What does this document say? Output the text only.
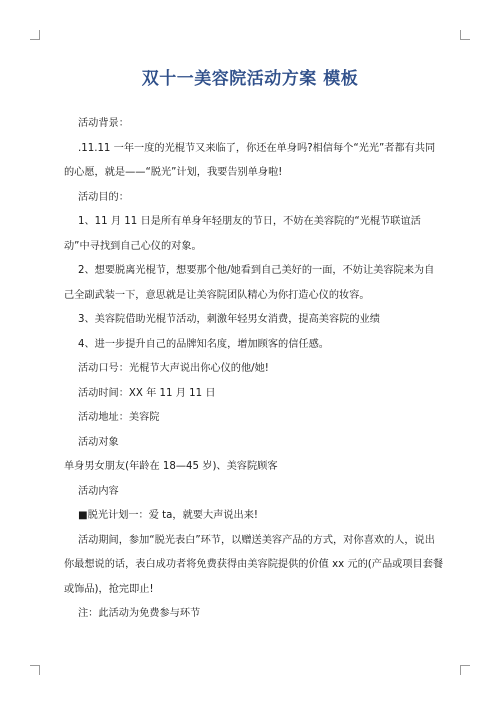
双十一美容院活动方案 模板

活动背景：

.11.11 一年一度的光棍节又来临了，你还在单身吗?相信每个“光光”者都有共同的心愿，就是——“脱光”计划，我要告别单身啦!

活动目的：

1、11 月 11 日是所有单身年轻朋友的节日，不妨在美容院的“光棍节联谊活动”中寻找到自己心仪的对象。

2、想要脱离光棍节，想要那个他/她看到自己美好的一面，不妨让美容院来为自己全副武装一下，意思就是让美容院团队精心为你打造心仪的妆容。

3、美容院借助光棍节活动，刺激年轻男女消费，提高美容院的业绩

4、进一步提升自己的品牌知名度，增加顾客的信任感。

活动口号：光棍节大声说出你心仪的他/她!

活动时间：XX 年 11 月 11 日

活动地址：美容院

活动对象

单身男女朋友(年龄在 18—45 岁)、美容院顾客

活动内容

■脱光计划一：爱 ta，就要大声说出来!

活动期间，参加“脱光表白”环节，以赠送美容产品的方式，对你喜欢的人，说出你最想说的话，表白成功者将免费获得由美容院提供的价值 xx 元的(产品或项目套餐或饰品)，抢完即止!

注：此活动为免费参与环节
